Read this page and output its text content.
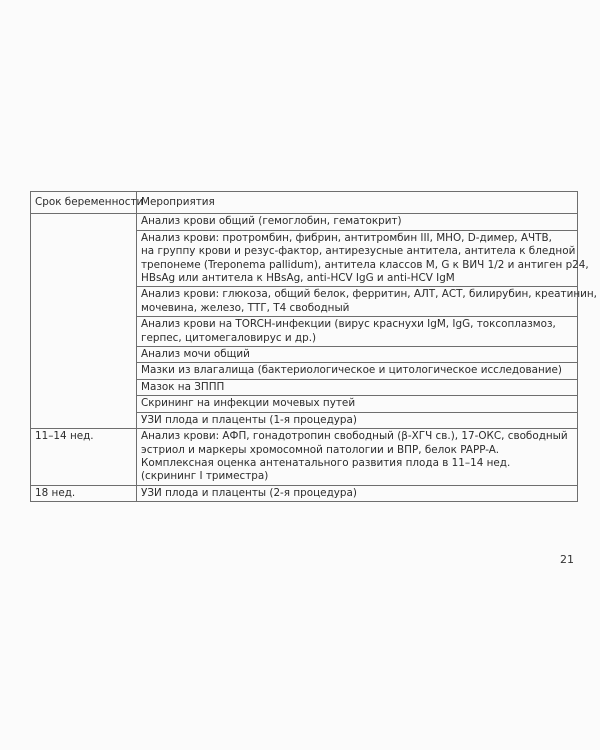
Срок беременности	Мероприятия

	Анализ крови общий (гемоглобин, гематокрит)

	Анализ крови: протромбин, фибрин, антитромбин III, МНО, D-димер, АЧТВ,
на группу крови и резус-фактор, антирезусные антитела, антитела к бледной
трепонеме (Treponema pallidum), антитела классов M, G к ВИЧ 1/2 и антиген p24,
HBsAg или антитела к HBsAg, anti-HCV IgG и anti-HCV IgM

	Анализ крови: глюкоза, общий белок, ферритин, АЛТ, АСТ, билирубин, креатинин,
мочевина, железо, ТТГ, T4 свободный

	Анализ крови на TORCH-инфекции (вирус краснухи IgM, IgG, токсоплазмоз,
герпес, цитомегаловирус и др.)

	Анализ мочи общий

	Мазки из влагалища (бактериологическое и цитологическое исследование)

	Мазок на ЗППП

	Скрининг на инфекции мочевых путей

	УЗИ плода и плаценты (1-я процедура)

11–14 нед.	Анализ крови: АФП, гонадотропин свободный (β-ХГЧ св.), 17-ОКС, свободный
эстриол и маркеры хромосомной патологии и ВПР, белок PAPP-A.
Комплексная оценка антенатального развития плода в 11–14 нед.
(скрининг I триместра)

18 нед.	УЗИ плода и плаценты (2-я процедура)
21
